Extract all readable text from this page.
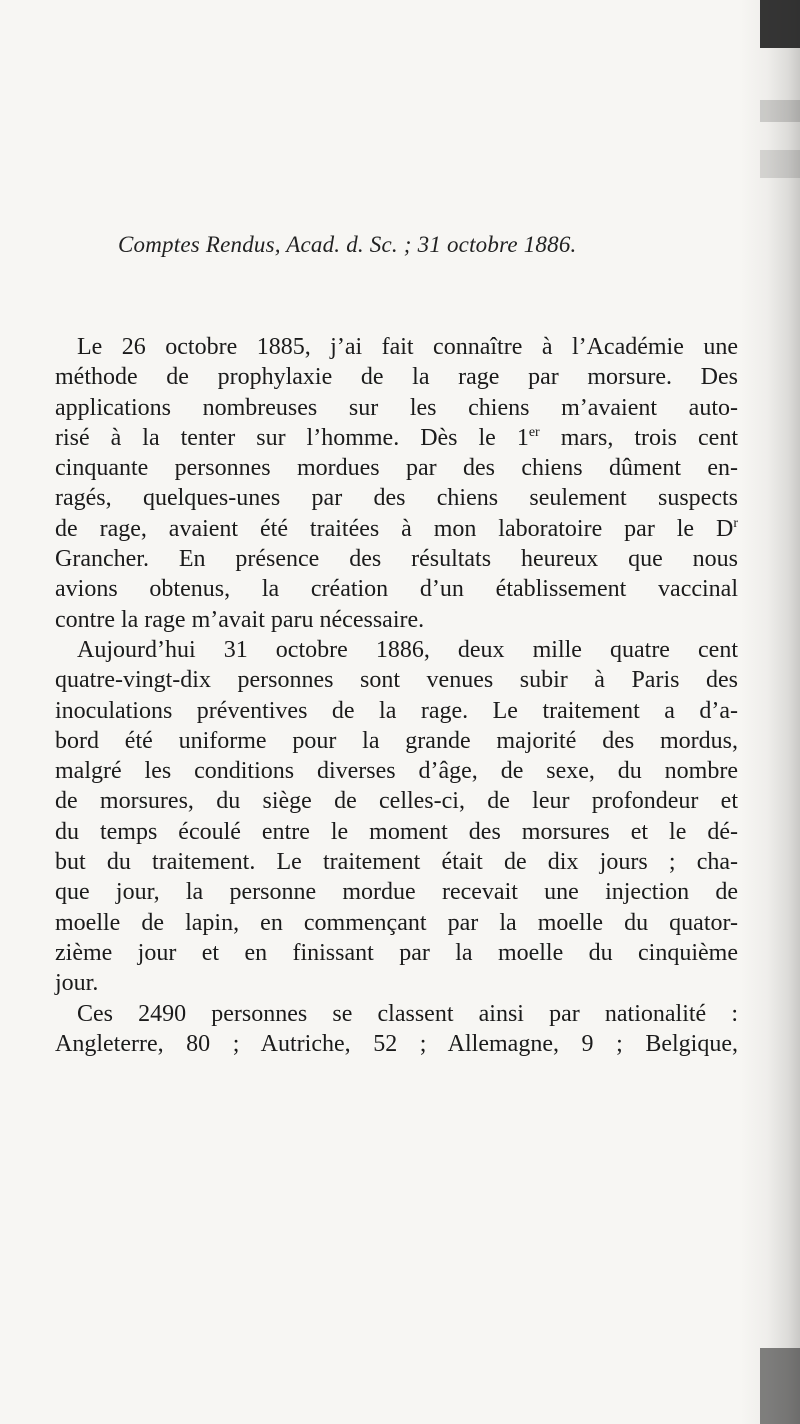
Comptes Rendus, Acad. d. Sc. ; 31 octobre 1886.
Le 26 octobre 1885, j’ai fait connaître à l’Académie une
méthode de prophylaxie de la rage par morsure. Des
applications nombreuses sur les chiens m’avaient auto-
risé à la tenter sur l’homme. Dès le 1er mars, trois cent
cinquante personnes mordues par des chiens dûment en-
ragés, quelques-unes par des chiens seulement suspects
de rage, avaient été traitées à mon laboratoire par le $D^r$
Grancher. En présence des résultats heureux que nous
avions obtenus, la création d’un établissement vaccinal
contre la rage m’avait paru nécessaire.
Aujourd’hui 31 octobre 1886, deux mille quatre cent
quatre-vingt-dix personnes sont venues subir à Paris des
inoculations préventives de la rage. Le traitement a d’a-
bord été uniforme pour la grande majorité des mordus,
malgré les conditions diverses d’âge, de sexe, du nombre
de morsures, du siège de celles-ci, de leur profondeur et
du temps écoulé entre le moment des morsures et le dé-
but du traitement. Le traitement était de dix jours ; cha-
que jour, la personne mordue recevait une injection de
moelle de lapin, en commençant par la moelle du quator-
zième jour et en finissant par la moelle du cinquième
jour.
Ces 2490 personnes se classent ainsi par nationalité :
Angleterre, 80 ; Autriche, 52 ; Allemagne, 9 ; Belgique,
